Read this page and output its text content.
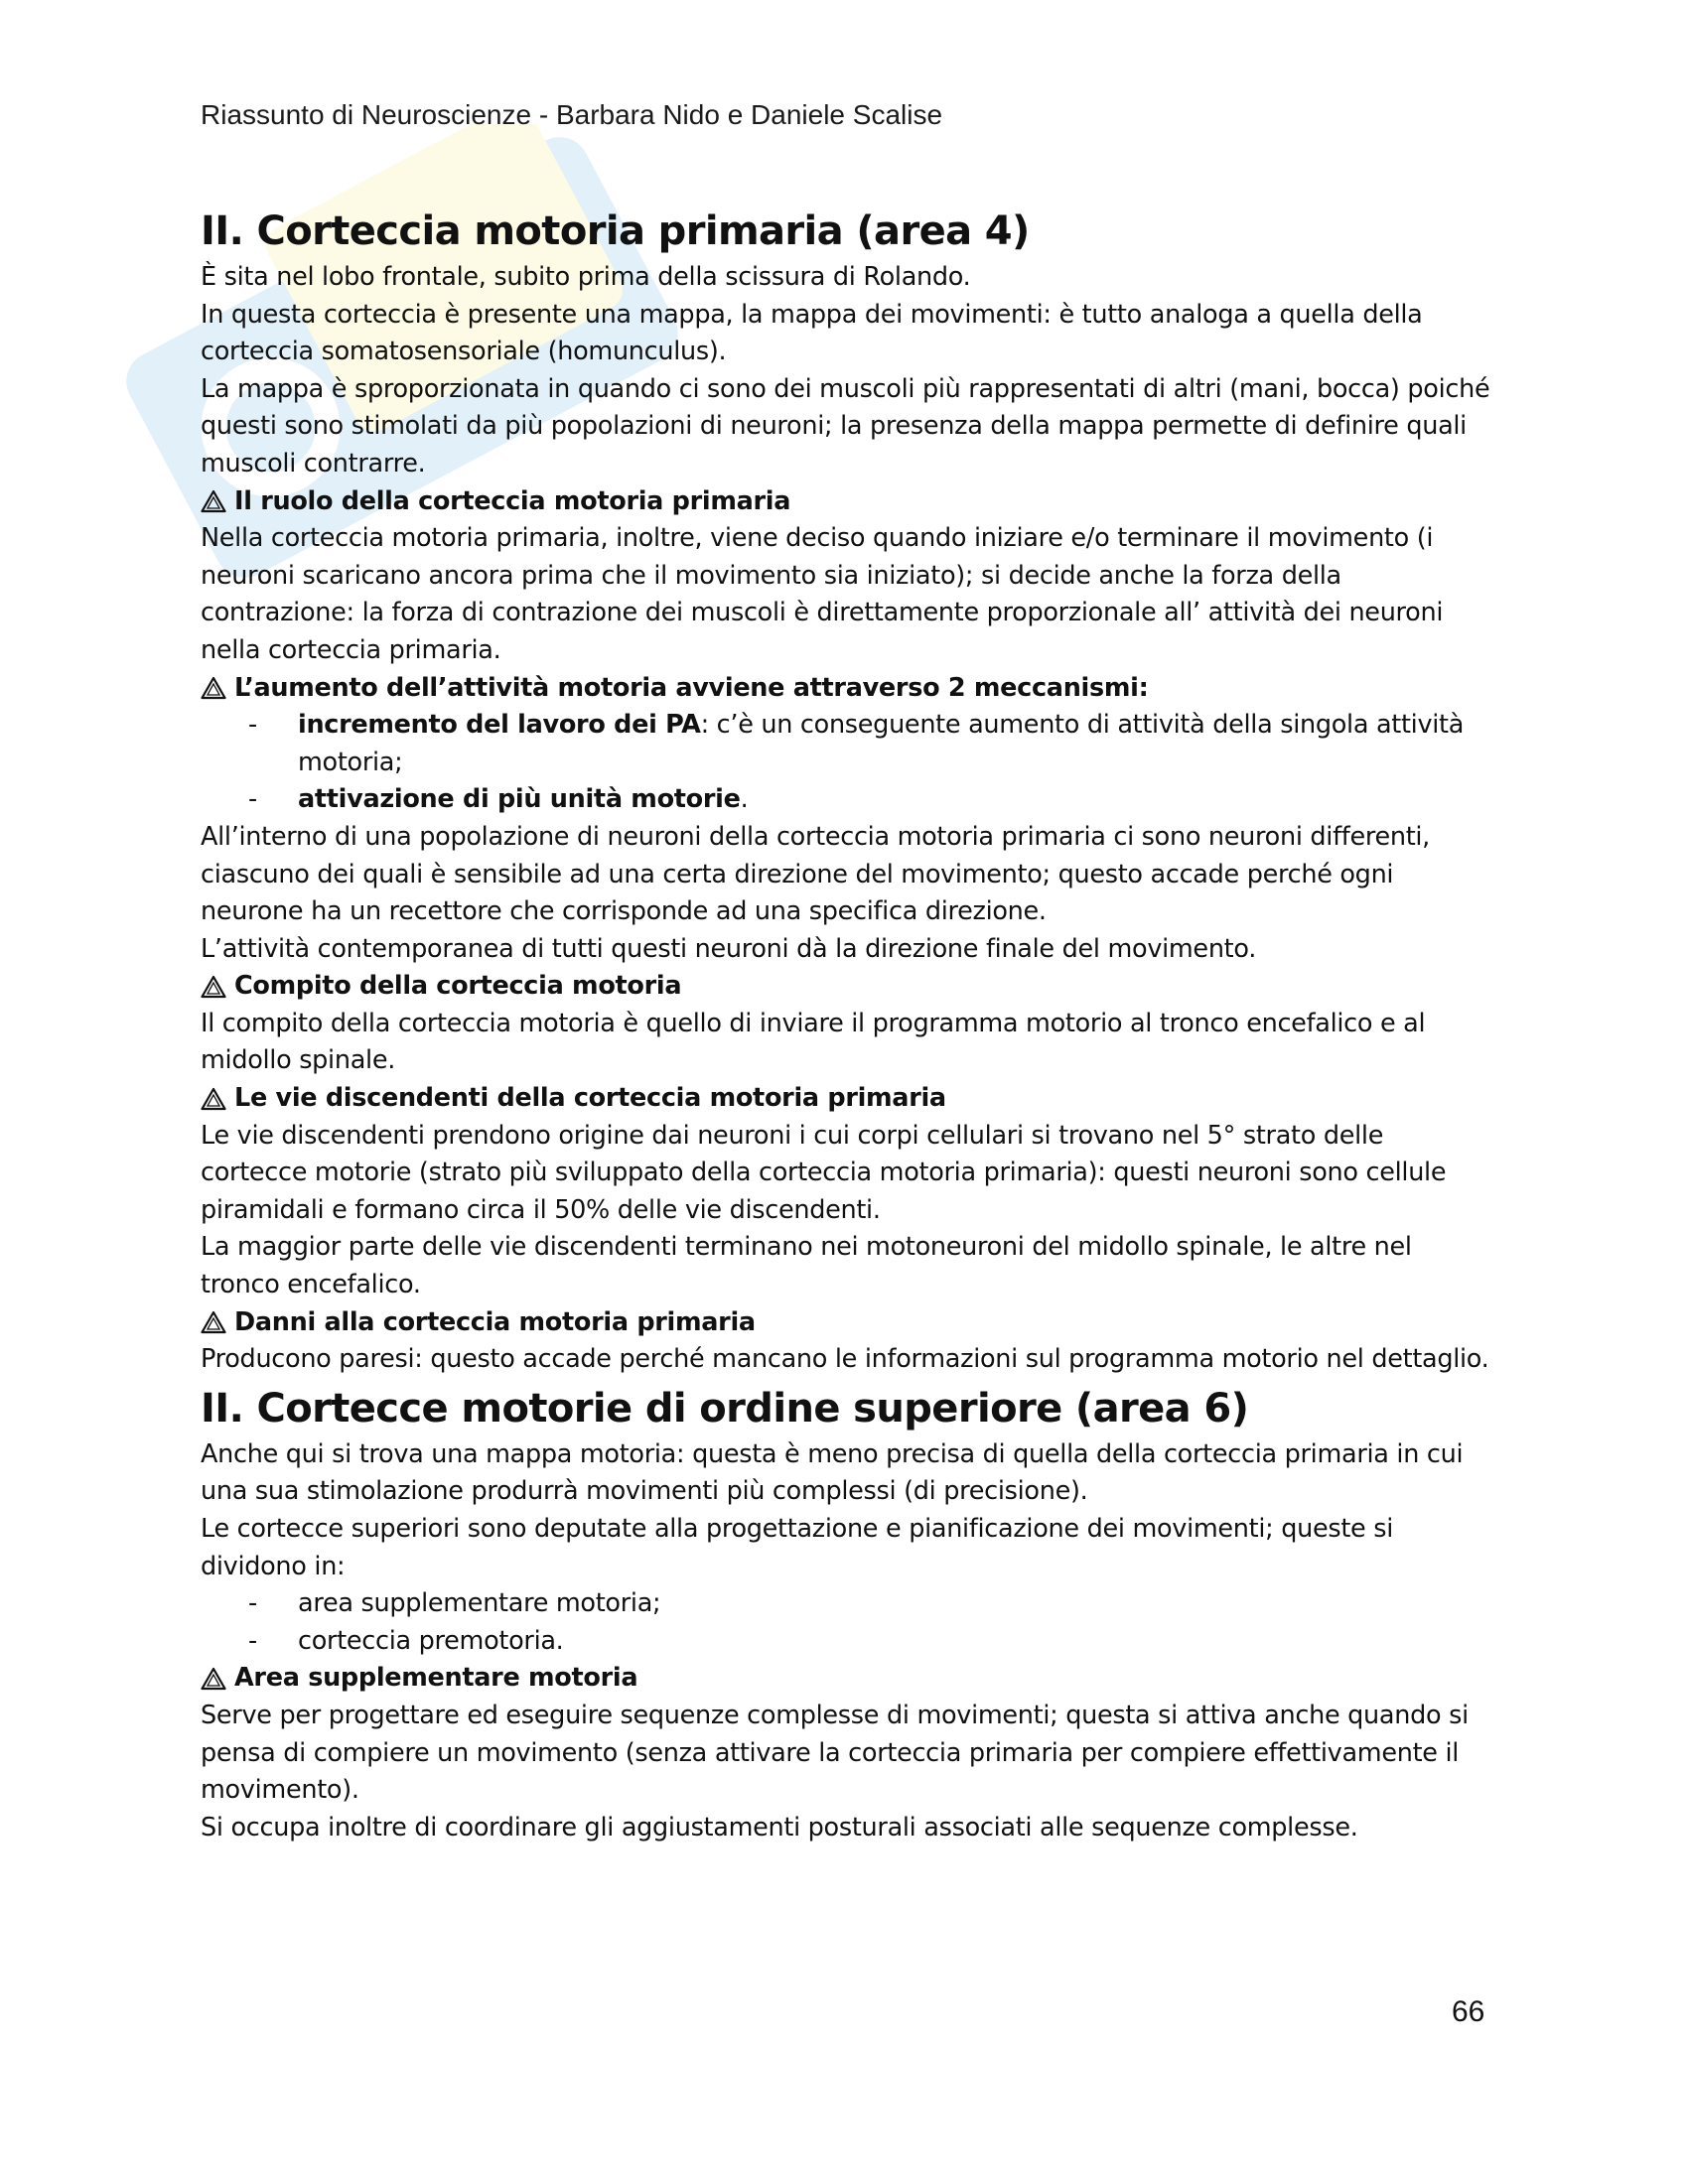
Riassunto di Neuroscienze - Barbara Nido e Daniele Scalise
II. Corteccia motoria primaria (area 4)

È sita nel lobo frontale, subito prima della scissura di Rolando.

In questa corteccia è presente una mappa, la mappa dei movimenti: è tutto analoga a quella della corteccia somatosensoriale (homunculus).

La mappa è sproporzionata in quando ci sono dei muscoli più rappresentati di altri (mani, bocca) poiché questi sono stimolati da più popolazioni di neuroni; la presenza della mappa permette di definire quali muscoli contrarre.

Il ruolo della corteccia motoria primaria

Nella corteccia motoria primaria, inoltre, viene deciso quando iniziare e/o terminare il movimento (i neuroni scaricano ancora prima che il movimento sia iniziato); si decide anche la forza della contrazione: la forza di contrazione dei muscoli è direttamente proporzionale all’ attività dei neuroni nella corteccia primaria.

L’aumento dell’attività motoria avviene attraverso 2 meccanismi:
- incremento del lavoro dei PA: c’è un conseguente aumento di attività della singola attività motoria;
- attivazione di più unità motorie.

All’interno di una popolazione di neuroni della corteccia motoria primaria ci sono neuroni differenti, ciascuno dei quali è sensibile ad una certa direzione del movimento; questo accade perché ogni neurone ha un recettore che corrisponde ad una specifica direzione.

L’attività contemporanea di tutti questi neuroni dà la direzione finale del movimento.

Compito della corteccia motoria

Il compito della corteccia motoria è quello di inviare il programma motorio al tronco encefalico e al midollo spinale.

Le vie discendenti della corteccia motoria primaria

Le vie discendenti prendono origine dai neuroni i cui corpi cellulari si trovano nel 5° strato delle cortecce motorie (strato più sviluppato della corteccia motoria primaria): questi neuroni sono cellule piramidali e formano circa il 50% delle vie discendenti.

La maggior parte delle vie discendenti terminano nei motoneuroni del midollo spinale, le altre nel tronco encefalico.

Danni alla corteccia motoria primaria

Producono paresi: questo accade perché mancano le informazioni sul programma motorio nel dettaglio.

II. Cortecce motorie di ordine superiore (area 6)

Anche qui si trova una mappa motoria: questa è meno precisa di quella della corteccia primaria in cui una sua stimolazione produrrà movimenti più complessi (di precisione).

Le cortecce superiori sono deputate alla progettazione e pianificazione dei movimenti; queste si dividono in:

- area supplementare motoria;
- corteccia premotoria.
Area supplementare motoria

Serve per progettare ed eseguire sequenze complesse di movimenti; questa si attiva anche quando si pensa di compiere un movimento (senza attivare la corteccia primaria per compiere effettivamente il movimento).

Si occupa inoltre di coordinare gli aggiustamenti posturali associati alle sequenze complesse.

66
